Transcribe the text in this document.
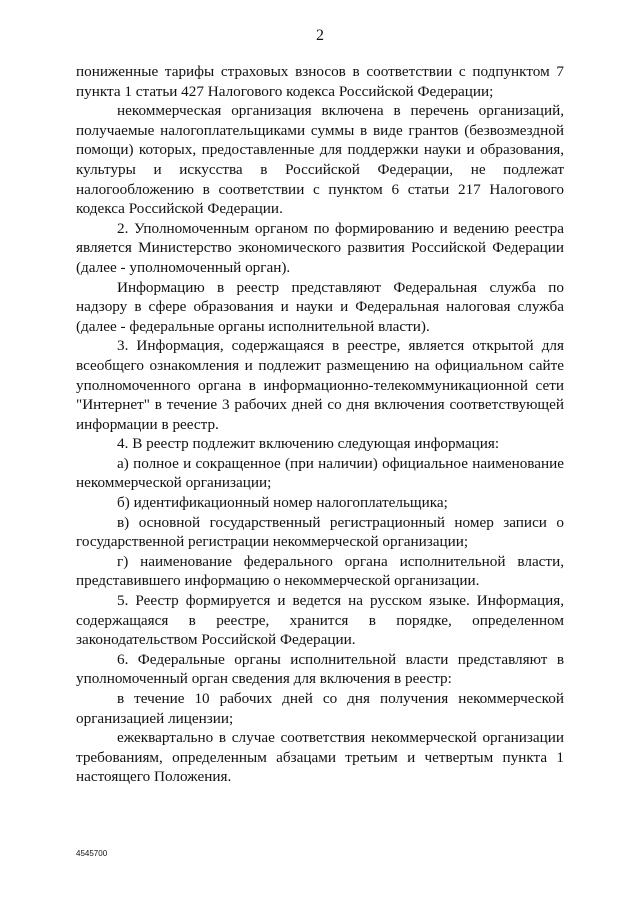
2

пониженные тарифы страховых взносов в соответствии с подпунктом 7 пункта 1 статьи 427 Налогового кодекса Российской Федерации;

некоммерческая организация включена в перечень организаций, получаемые налогоплательщиками суммы в виде грантов (безвозмездной помощи) которых, предоставленные для поддержки науки и образования, культуры и искусства в Российской Федерации, не подлежат налогообложению в соответствии с пунктом 6 статьи 217 Налогового кодекса Российской Федерации.

2. Уполномоченным органом по формированию и ведению реестра является Министерство экономического развития Российской Федерации (далее - уполномоченный орган).

Информацию в реестр представляют Федеральная служба по надзору в сфере образования и науки и Федеральная налоговая служба (далее - федеральные органы исполнительной власти).

3. Информация, содержащаяся в реестре, является открытой для всеобщего ознакомления и подлежит размещению на официальном сайте уполномоченного органа в информационно-телекоммуникационной сети "Интернет" в течение 3 рабочих дней со дня включения соответствующей информации в реестр.

4. В реестр подлежит включению следующая информация:

а) полное и сокращенное (при наличии) официальное наименование некоммерческой организации;

б) идентификационный номер налогоплательщика;

в) основной государственный регистрационный номер записи о государственной регистрации некоммерческой организации;

г) наименование федерального органа исполнительной власти, представившего информацию о некоммерческой организации.

5. Реестр формируется и ведется на русском языке. Информация, содержащаяся в реестре, хранится в порядке, определенном законодательством Российской Федерации.

6. Федеральные органы исполнительной власти представляют в уполномоченный орган сведения для включения в реестр:

в течение 10 рабочих дней со дня получения некоммерческой организацией лицензии;

ежеквартально в случае соответствия некоммерческой организации требованиям, определенным абзацами третьим и четвертым пункта 1 настоящего Положения.

4545700
